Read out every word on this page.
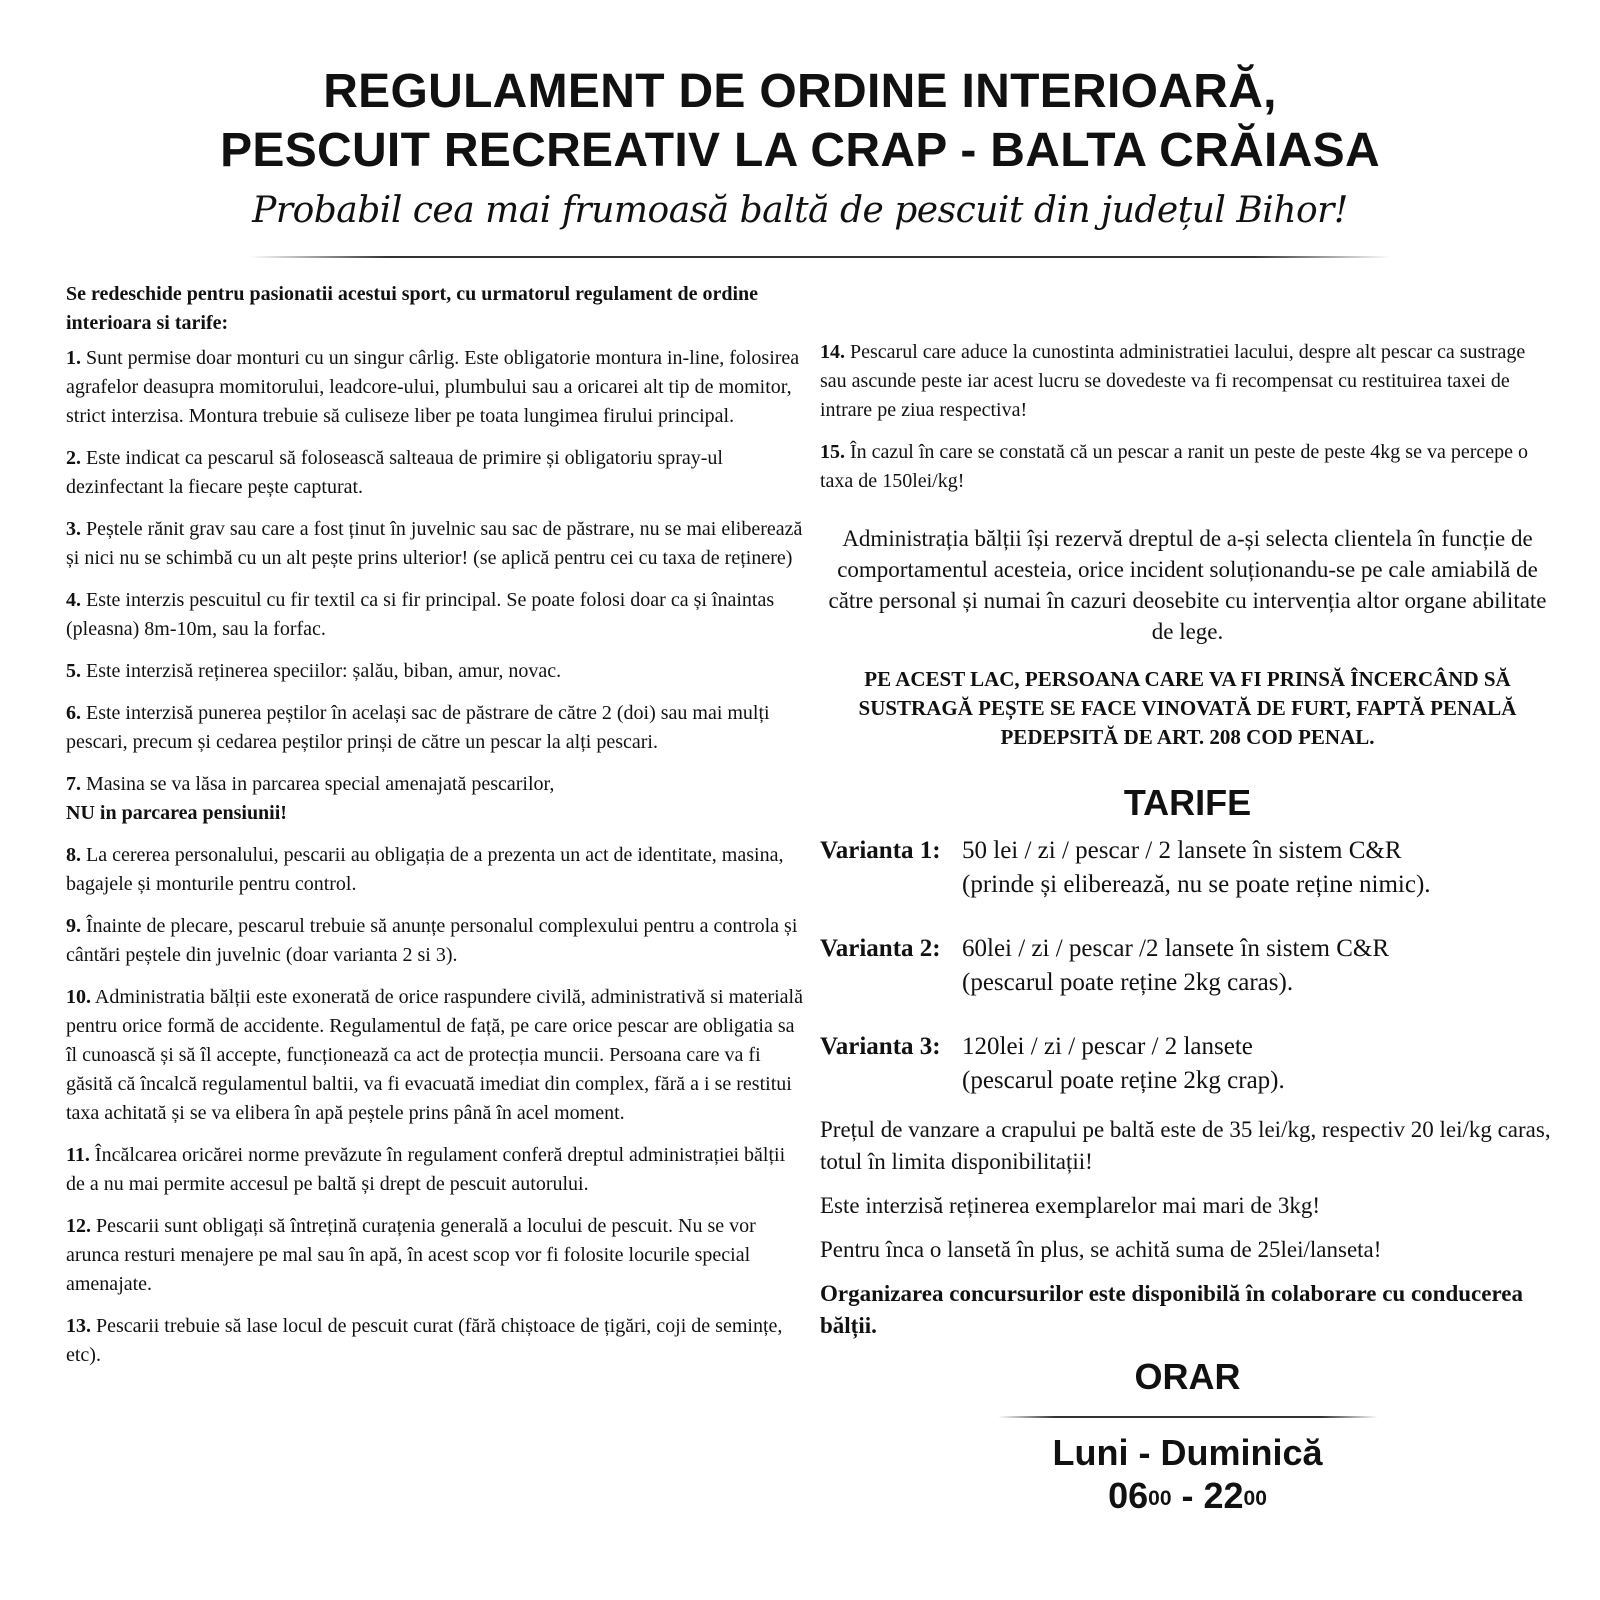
REGULAMENT DE ORDINE INTERIOARĂ,
PESCUIT RECREATIV LA CRAP - BALTA CRĂIASA
Probabil cea mai frumoasă baltă de pescuit din județul Bihor!

Se redeschide pentru pasionatii acestui sport, cu urmatorul regulament de ordine interioara si tarife:

1. Sunt permise doar monturi cu un singur cârlig. Este obligatorie montura in-line, folosirea agrafelor deasupra momitorului, leadcore-ului, plumbului sau a oricarei alt tip de momitor, strict interzisa. Montura trebuie să culiseze liber pe toata lungimea firului principal.

2. Este indicat ca pescarul să folosească salteaua de primire și obligatoriu spray-ul dezinfectant la fiecare pește capturat.

3. Peștele rănit grav sau care a fost ținut în juvelnic sau sac de păstrare, nu se mai eliberează și nici nu se schimbă cu un alt pește prins ulterior! (se aplică pentru cei cu taxa de reținere)

4. Este interzis pescuitul cu fir textil ca si fir principal. Se poate folosi doar ca și înaintas (pleasna) 8m-10m, sau la forfac.

5. Este interzisă reținerea speciilor: șalău, biban, amur, novac.

6. Este interzisă punerea peștilor în același sac de păstrare de către 2 (doi) sau mai mulți pescari, precum și cedarea peștilor prinși de către un pescar la alți pescari.

7. Masina se va lăsa in parcarea special amenajată pescarilor,
NU in parcarea pensiunii!

8. La cererea personalului, pescarii au obligația de a prezenta un act de identitate, masina, bagajele și monturile pentru control.

9. Înainte de plecare, pescarul trebuie să anunțe personalul complexului pentru a controla și cântări peștele din juvelnic (doar varianta 2 si 3).

10. Administratia bălții este exonerată de orice raspundere civilă, administrativă si materială pentru orice formă de accidente. Regulamentul de față, pe care orice pescar are obligatia sa îl cunoască și să îl accepte, funcționează ca act de protecția muncii. Persoana care va fi găsită că încalcă regulamentul baltii, va fi evacuată imediat din complex, fără a i se restitui taxa achitată și se va elibera în apă peștele prins până în acel moment.

11. Încălcarea oricărei norme prevăzute în regulament conferă dreptul administrației bălții de a nu mai permite accesul pe baltă și drept de pescuit autorului.

12. Pescarii sunt obligați să întrețină curațenia generală a locului de pescuit. Nu se vor arunca resturi menajere pe mal sau în apă, în acest scop vor fi folosite locurile special amenajate.

13. Pescarii trebuie să lase locul de pescuit curat (fără chiștoace de țigări, coji de semințe, etc).

14. Pescarul care aduce la cunostinta administratiei lacului, despre alt pescar ca sustrage sau ascunde peste iar acest lucru se dovedeste va fi recompensat cu restituirea taxei de intrare pe ziua respectiva!

15. În cazul în care se constată că un pescar a ranit un peste de peste 4kg se va percepe o taxa de 150lei/kg!

Administrația bălții își rezervă dreptul de a-și selecta clientela în funcție de comportamentul acesteia, orice incident soluționandu-se pe cale amiabilă de către personal și numai în cazuri deosebite cu intervenția altor organe abilitate de lege.
PE ACEST LAC, PERSOANA CARE VA FI PRINSĂ ÎNCERCÂND SĂ SUSTRAGĂ PEȘTE SE FACE VINOVATĂ DE FURT, FAPTĂ PENALĂ PEDEPSITĂ DE ART. 208 COD PENAL.
TARIFE
Varianta 1: 50 lei / zi / pescar / 2 lansete în sistem C&R
(prinde și eliberează, nu se poate reține nimic).
Varianta 2: 60lei / zi / pescar /2 lansete în sistem C&R
(pescarul poate reține 2kg caras).
Varianta 3: 120lei / zi / pescar / 2 lansete
(pescarul poate reține 2kg crap).

Prețul de vanzare a crapului pe baltă este de 35 lei/kg, respectiv 20 lei/kg caras, totul în limita disponibilitații!

Este interzisă reținerea exemplarelor mai mari de 3kg!

Pentru înca o lansetă în plus, se achită suma de 25lei/lanseta!

Organizarea concursurilor este disponibilă în colaborare cu conducerea bălții.

ORAR
Luni - Duminică
$06^{00} - 22^{00}$
